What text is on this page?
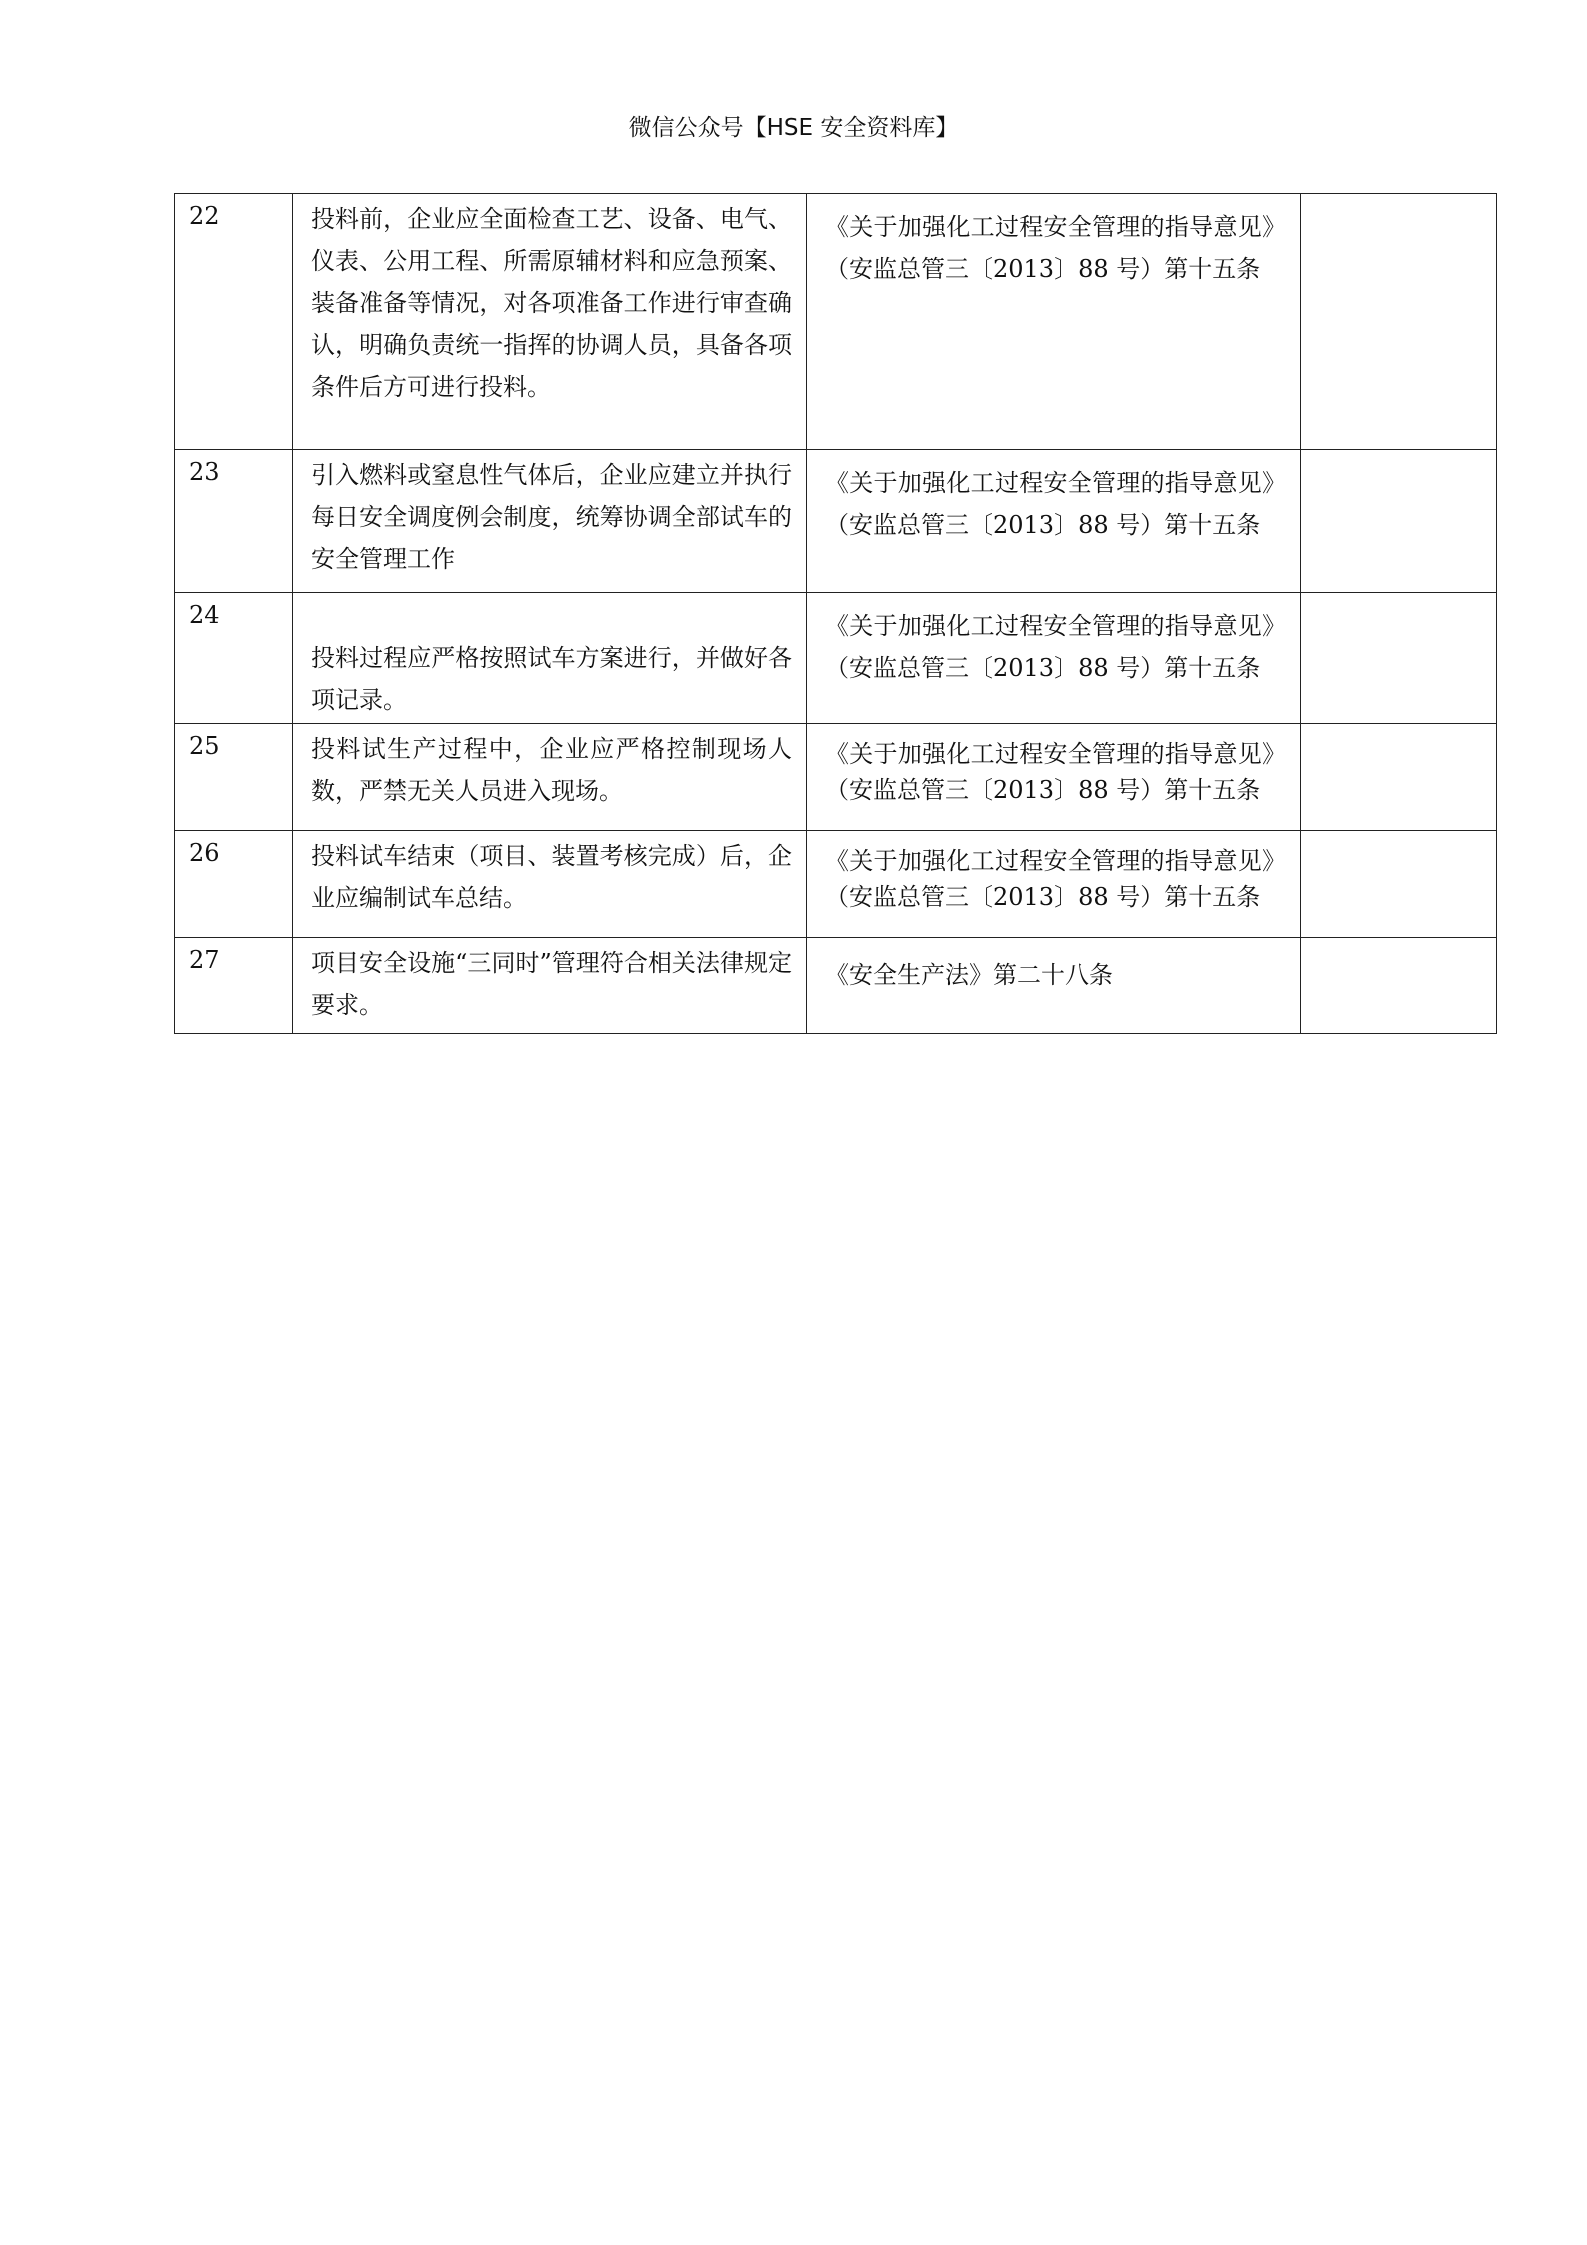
微信公众号【HSE 安全资料库】
22	投料前，企业应全面检查工艺、设备、电气、仪表、公用工程、所需原辅材料和应急预案、装备准备等情况，对各项准备工作进行审查确认，明确负责统一指挥的协调人员，具备各项条件后方可进行投料。	《关于加强化工过程安全管理的指导意见》（安监总管三〔2013〕88 号）第十五条	
23	引入燃料或窒息性气体后，企业应建立并执行每日安全调度例会制度，统筹协调全部试车的安全管理工作	《关于加强化工过程安全管理的指导意见》（安监总管三〔2013〕88 号）第十五条	
24	投料过程应严格按照试车方案进行，并做好各项记录。	《关于加强化工过程安全管理的指导意见》（安监总管三〔2013〕88 号）第十五条	
25	投料试生产过程中，企业应严格控制现场人数，严禁无关人员进入现场。	《关于加强化工过程安全管理的指导意见》（安监总管三〔2013〕88 号）第十五条	
26	投料试车结束（项目、装置考核完成）后，企业应编制试车总结。	《关于加强化工过程安全管理的指导意见》（安监总管三〔2013〕88 号）第十五条	
27	项目安全设施“三同时”管理符合相关法律规定要求。	《安全生产法》第二十八条	
